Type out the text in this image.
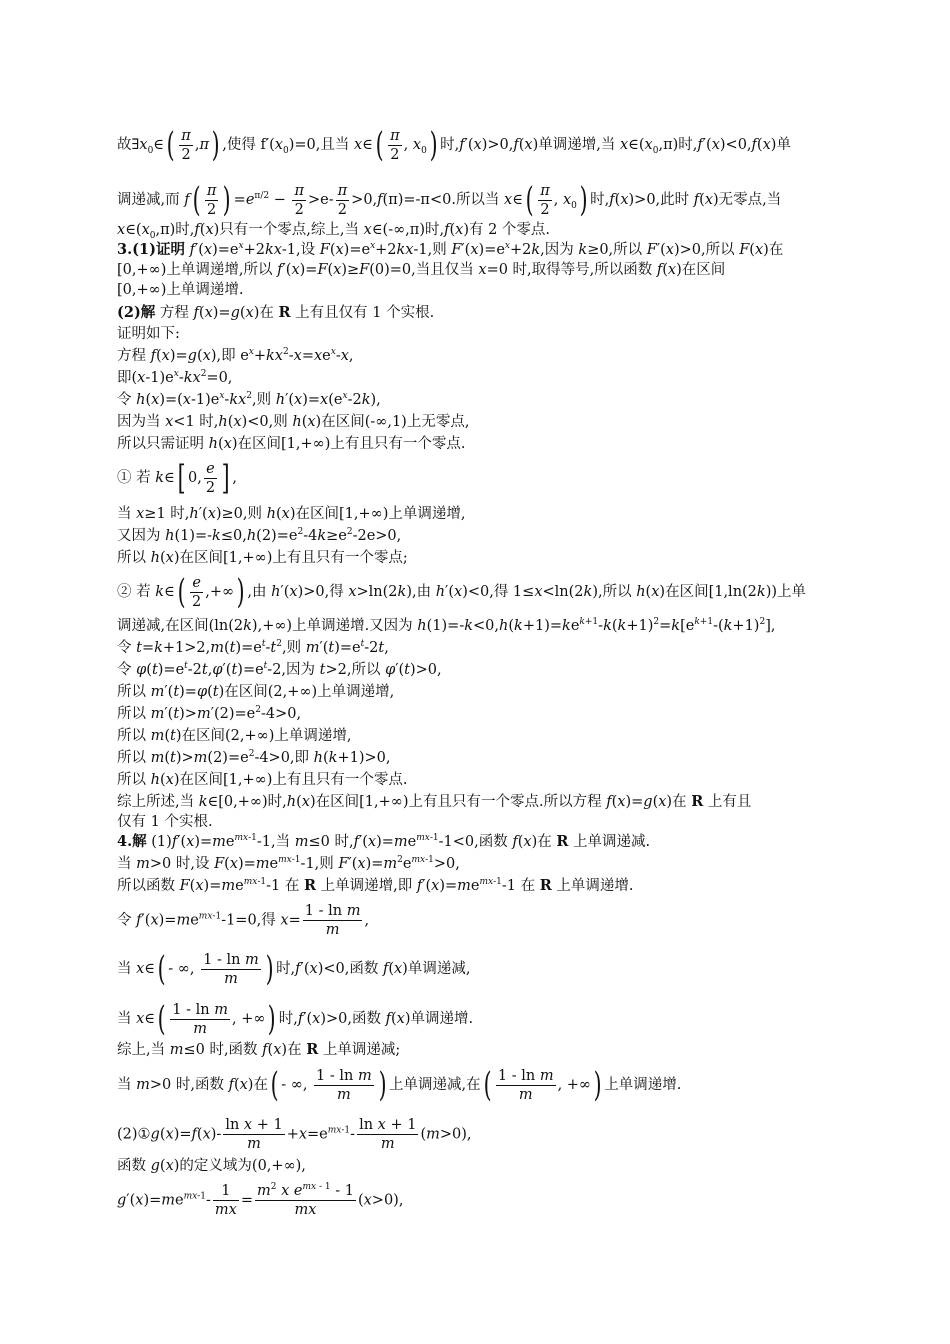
故$\exists x_0\in( \frac{\pi}{2} ,\pi)$ ,使得 $f'(x_0)=0$,且当 x∈( $\frac{\pi}{2}$ , $x_0$) 时,f′(x)>0,f(x)单调递增,当 $x\in(x_0,\pi)$时,f′(x)<0,f(x)单
调递减,而 $f( \frac{\pi}{2}$ ) $=e^{\pi/2} - \frac{\pi}{2} >e- \frac{\pi}{2} >0,f(\pi)=-\pi<0$.所以当 x∈( $\frac{\pi}{2}$ , $x_0$) 时,f(x)>0,此时 f(x)无零点,当
$x\in(x_0,\pi)$时,f(x)只有一个零点,综上,当 x∈(-∞,π)时,f(x)有 2 个零点.
3.(1)证明 $f'(x)=e^x+2kx-1$,设 $F(x)=e^x+2kx-1$,则 $F'(x)=e^x+2k$,因为 k≥0,所以 F′(x)>0,所以 F(x)在
[0,+∞)上单调递增,所以 f′(x)=F(x)≥F(0)=0,当且仅当 x=0 时,取得等号,所以函数 f(x)在区间
[0,+∞)上单调递增.
(2)解 方程 f(x)=g(x)在 R 上有且仅有 1 个实根.
证明如下:
方程 f(x)=g(x),即 $e^x+kx^2-x=xe^x-x$,
即$(x-1)e^x-kx^2=0$,
令 $h(x)=(x-1)e^x-kx^2$,则 $h'(x)=x(e^x-2k)$,
因为当 x<1 时,h(x)<0,则 h(x)在区间(-∞,1)上无零点,
所以只需证明 h(x)在区间[1,+∞)上有且只有一个零点.
① 若 k∈[ 0, $\frac{e}{2}$ ] ,
当 x≥1 时,h′(x)≥0,则 h(x)在区间[1,+∞)上单调递增,
又因为 $h(1)=-k\le 0,h(2)=e^2-4k\ge e^2-2e>0$,
所以 h(x)在区间[1,+∞)上有且只有一个零点;
② 若 k∈( $\frac{e}{2}$ ,+∞) ,由 h′(x)>0,得 x>ln(2k),由 h′(x)<0,得 1≤x<ln(2k),所以 h(x)在区间[1,ln(2k))上单
调递减,在区间(ln(2k),+∞)上单调递增.又因为 $h(1)=-k<0,h(k+1)=ke^{k+1}-k(k+1)^2=k[e^{k+1}-(k+1)^2]$,
令 $t=k+1>2,m(t)=e^t-t^2$,则 $m'(t)=e^t-2t$,
令 $\varphi(t)=e^t-2t,\varphi'(t)=e^t-2$,因为 t>2,所以 φ′(t)>0,
所以 m′(t)=φ(t)在区间(2,+∞)上单调递增,
所以 $m'(t)>m'(2)=e^2-4>0$,
所以 m(t)在区间(2,+∞)上单调递增,
所以 $m(t)>m(2)=e^2-4>0$,即 h(k+1)>0,
所以 h(x)在区间[1,+∞)上有且只有一个零点.
综上所述,当 k∈[0,+∞)时,h(x)在区间[1,+∞)上有且只有一个零点.所以方程 f(x)=g(x)在 R 上有且
仅有 1 个实根.
4.解 $(1)f'(x)=me^{mx-1}-1$,当 m≤0 时$,f'(x)=me^{mx-1}-1<0$,函数 f(x)在 R 上单调递减.
当 m>0 时,设 $F(x)=me^{mx-1}-1$,则 $F'(x)=m^2e^{mx-1}>0$,
所以函数 $F(x)=me^{mx-1}-1$ 在 R 上单调递增,即 $f'(x)=me^{mx-1}-1$ 在 R 上单调递增.
令 $f'(x)=me^{mx-1}-1=0$,得 $x= \frac{\text{1 - ln m}}{m}$ ,
当 x∈( - ∞, $\frac{\text{1 - ln m}}{m}$ ) 时,f′(x)<0,函数 f(x)单调递减,
当 x∈( $\frac{\text{1 - ln m}}{m}$ , +∞) 时,f′(x)>0,函数 f(x)单调递增.
综上,当 m≤0 时,函数 f(x)在 R 上单调递减;
当 m>0 时,函数 f(x)在( - ∞, $\frac{\text{1 - ln m}}{m}$ ) 上单调递减,在( $\frac{\text{1 - ln m}}{m}$ , +∞) 上单调递增.
(2)①g(x)=f(x)- $\frac{\text{ln x + 1}}{m} +x=e^{mx-1}- \frac{\text{ln x + 1}}{m} (m>0)$,
函数 g(x)的定义域为(0,+∞),
$g'(x)=me^{mx-1}- \frac{1}{mx} = \frac{m^2 x e^{mx - 1} - 1}{mx} (x>0)$,
